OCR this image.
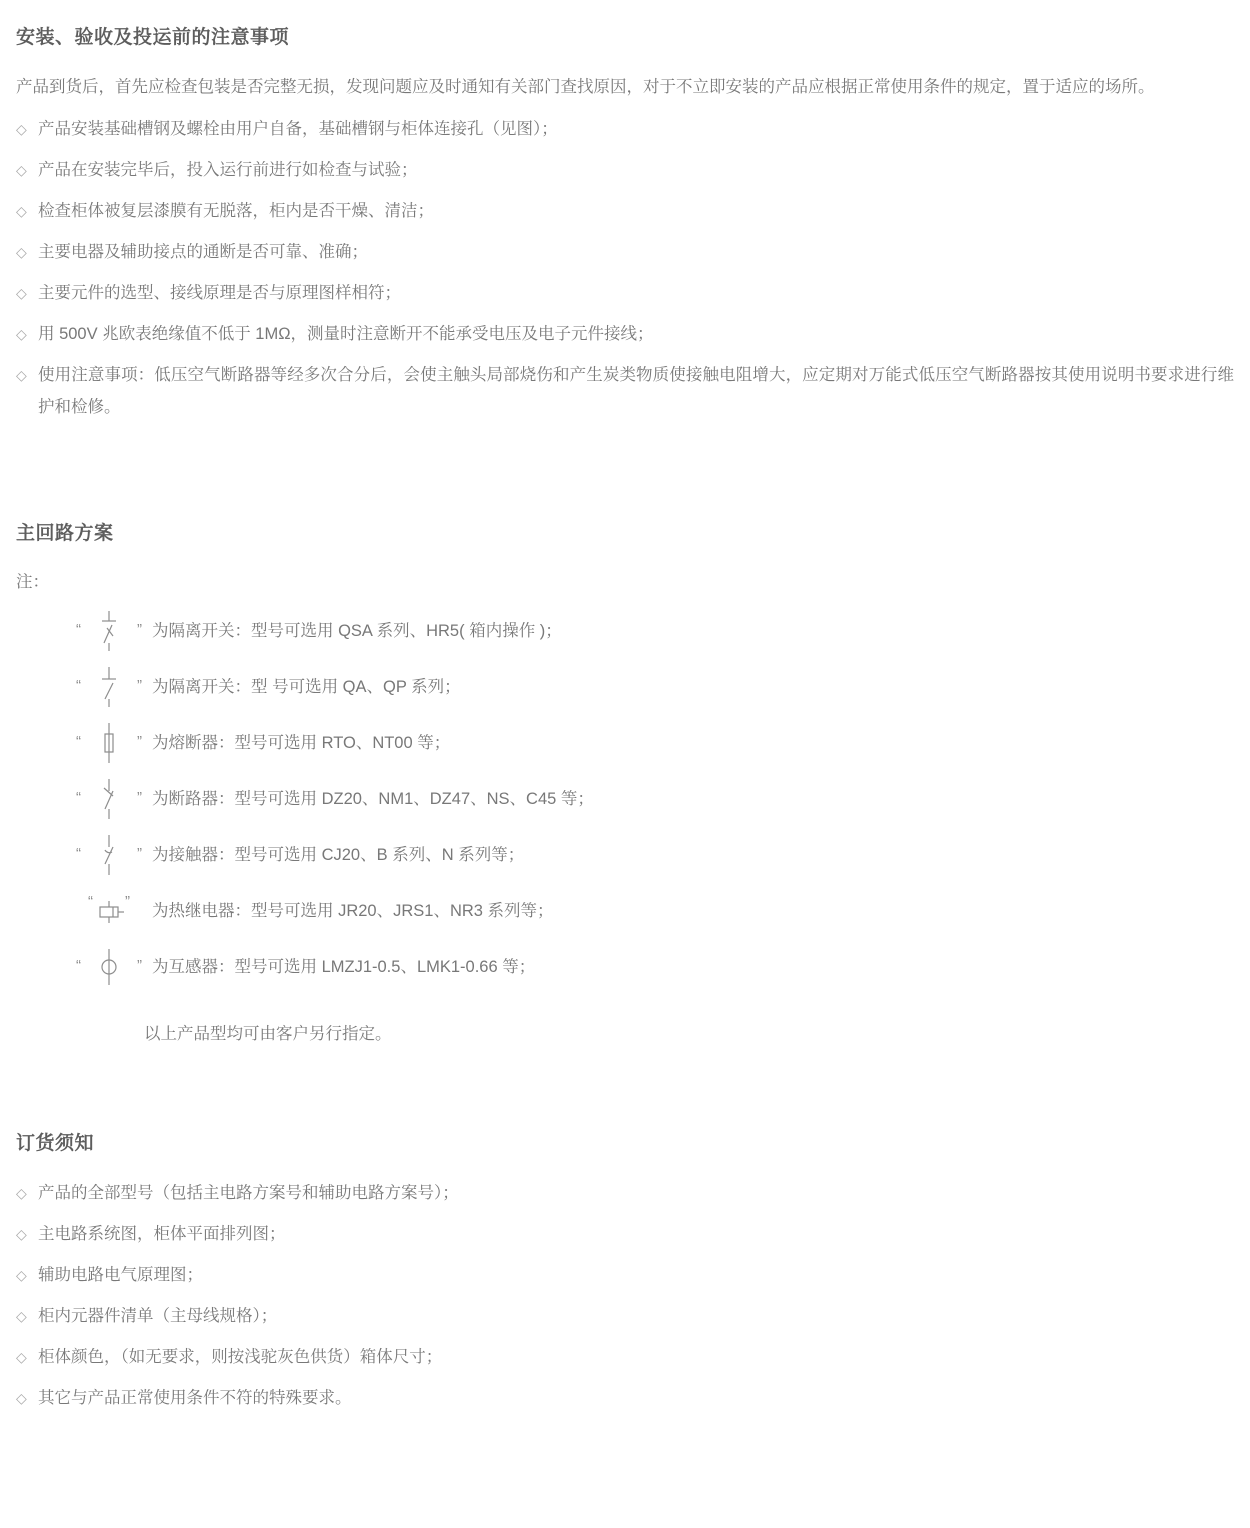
安装、验收及投运前的注意事项

产品到货后，首先应检查包装是否完整无损，发现问题应及时通知有关部门查找原因，对于不立即安装的产品应根据正常使用条件的规定，置于适应的场所。

◇ 产品安装基础槽钢及螺栓由用户自备，基础槽钢与柜体连接孔（见图）；
◇ 产品在安装完毕后，投入运行前进行如检查与试验；
◇ 检查柜体被复层漆膜有无脱落，柜内是否干燥、清洁；
◇ 主要电器及辅助接点的通断是否可靠、准确；
◇ 主要元件的选型、接线原理是否与原理图样相符；
◇ 用 500V 兆欧表绝缘值不低于 1MΩ，测量时注意断开不能承受电压及电子元件接线；
◇ 使用注意事项：低压空气断路器等经多次合分后，会使主触头局部烧伤和产生炭类物质使接触电阻增大，应定期对万能式低压空气断路器按其使用说明书要求进行维护和检修。
主回路方案

注：

“	” 为隔离开关：型号可选用 QSA 系列、HR5( 箱内操作 )；
“	” 为隔离开关：型 号可选用 QA、QP 系列；
“	” 为熔断器：型号可选用 RTO、NT00 等；
“	” 为断路器：型号可选用 DZ20、NM1、DZ47、NS、C45 等；
“	” 为接触器：型号可选用 CJ20、B 系列、N 系列等；
“ ”
为热继电器：型号可选用 JR20、JRS1、NR3 系列等；
“	” 为互感器：型号可选用 LMZJ1-0.5、LMK1-0.66 等；

以上产品型均可由客户另行指定。

订货须知
◇ 产品的全部型号（包括主电路方案号和辅助电路方案号）；
◇ 主电路系统图，柜体平面排列图；
◇ 辅助电路电气原理图；
◇ 柜内元器件清单（主母线规格）；
◇ 柜体颜色，（如无要求，则按浅驼灰色供货）箱体尺寸；
◇ 其它与产品正常使用条件不符的特殊要求。
